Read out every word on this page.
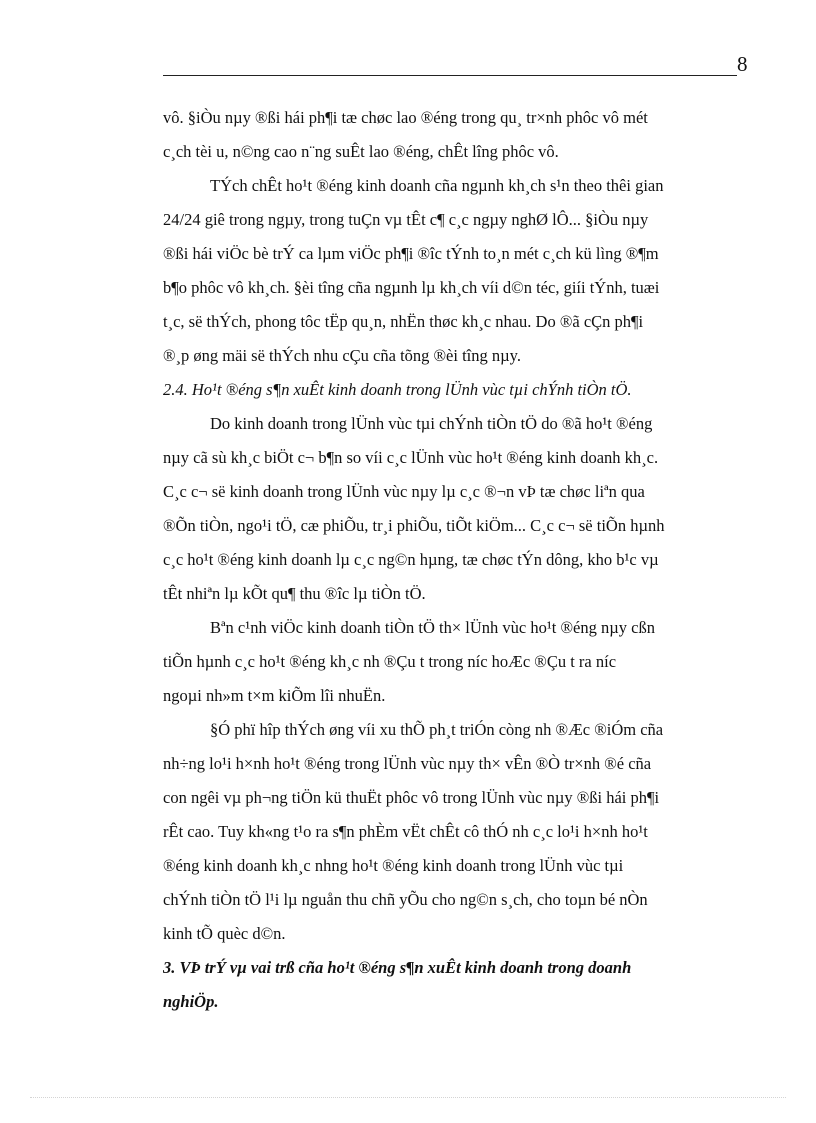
8
vô. §iÒu nµy ®ßi hái ph¶i tæ chøc lao ®éng trong qu¸ tr×nh phôc vô mét
c¸ch tèi u, n©ng cao n¨ng suÊt lao ®éng, chÊt lîng phôc vô.
TÝch chÊt ho¹t ®éng kinh doanh cña ngµnh kh¸ch s¹n theo thêi gian
24/24 giê trong ngµy, trong tuÇn vµ tÊt c¶ c¸c ngµy nghØ lÔ... §iÒu nµy
®ßi hái viÖc bè trÝ ca lµm viÖc ph¶i ®îc tÝnh to¸n mét c¸ch kü lìng ®¶m
b¶o phôc vô kh¸ch. §èi tîng cña ngµnh lµ kh¸ch víi d©n téc, giíi tÝnh, tuæi
t¸c, së thÝch, phong tôc tËp qu¸n, nhËn thøc kh¸c nhau. Do ®ã cÇn ph¶i
®¸p øng mäi së thÝch nhu cÇu cña tõng ®èi tîng nµy.
2.4. Ho¹t ®éng s¶n xuÊt kinh doanh trong lÜnh vùc tµi chÝnh tiÒn tÖ.
Do kinh doanh trong lÜnh vùc tµi chÝnh tiÒn tÖ do ®ã ho¹t ®éng
nµy cã sù kh¸c biÖt c¬ b¶n so víi c¸c lÜnh vùc ho¹t ®éng kinh doanh kh¸c.
C¸c c¬ së kinh doanh trong lÜnh vùc nµy lµ c¸c ®¬n vÞ tæ chøc liªn qua
®Õn tiÒn, ngo¹i tÖ, cæ phiÕu, tr¸i phiÕu, tiÕt kiÖm... C¸c c¬ së tiÕn hµnh
c¸c ho¹t ®éng kinh doanh lµ c¸c ng©n hµng, tæ chøc tÝn dông, kho b¹c vµ
tÊt nhiªn lµ kÕt qu¶ thu ®îc lµ tiÒn tÖ.
Bªn c¹nh viÖc kinh doanh tiÒn tÖ th× lÜnh vùc ho¹t ®éng nµy cßn
tiÕn hµnh c¸c ho¹t ®éng kh¸c nh ®Çu t trong níc hoÆc ®Çu t ra níc
ngoµi nh»m t×m kiÕm lîi nhuËn.
§Ó phï hîp thÝch øng víi xu thÕ ph¸t triÓn còng nh ®Æc ®iÓm cña
nh÷ng lo¹i h×nh ho¹t ®éng trong lÜnh vùc nµy th× vÊn ®Ò tr×nh ®é cña
con ngêi vµ ph¬ng tiÖn kü thuËt phôc vô trong lÜnh vùc nµy ®ßi hái ph¶i
rÊt cao. Tuy kh«ng t¹o ra s¶n phÈm vËt chÊt cô thÓ nh c¸c lo¹i h×nh ho¹t
®éng kinh doanh kh¸c nhng ho¹t ®éng kinh doanh trong lÜnh vùc tµi
chÝnh tiÒn tÖ l¹i lµ nguån thu chñ yÕu cho ng©n s¸ch, cho toµn bé nÒn
kinh tÕ quèc d©n.
3. VÞ trÝ vµ vai trß cña ho¹t ®éng s¶n xuÊt kinh doanh trong doanh
nghiÖp.
